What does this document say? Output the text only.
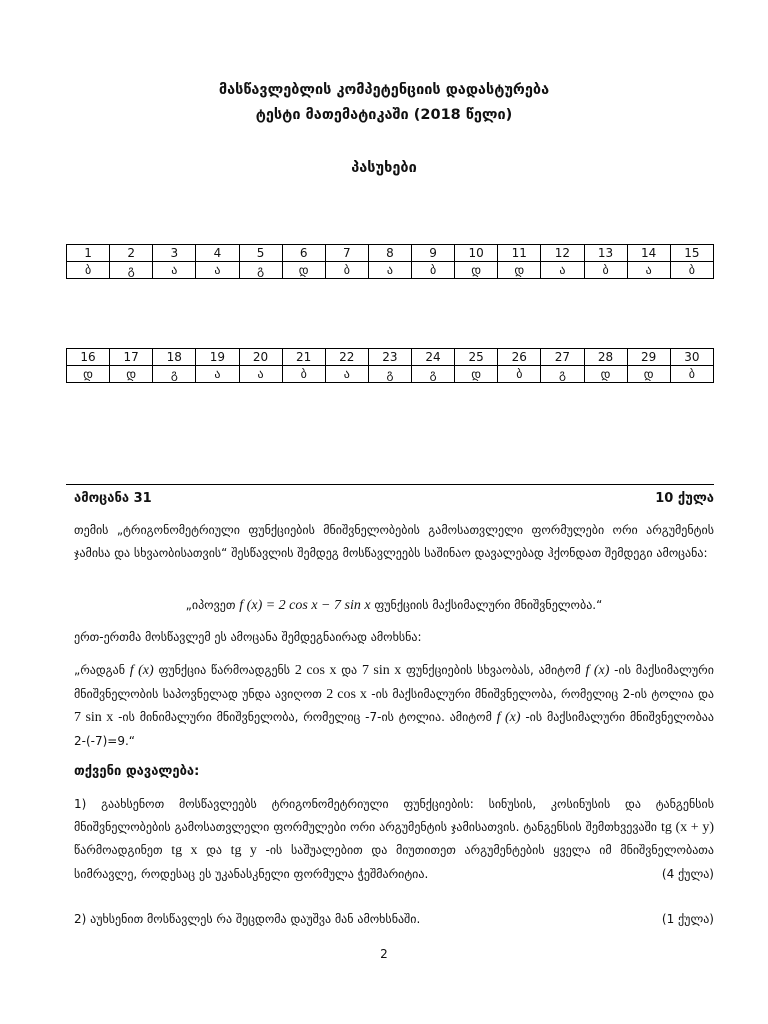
მასწავლებლის კომპეტენციის დადასტურება
ტესტი მათემატიკაში (2018 წელი)
პასუხები
1	2	3	4	5	6	7	8	9	10	11	12	13	14	15
ბ	გ	ა	ა	გ	დ	ბ	ა	ბ	დ	დ	ა	ბ	ა	ბ
16	17	18	19	20	21	22	23	24	25	26	27	28	29	30
დ	დ	გ	ა	ა	ბ	ა	გ	გ	დ	ბ	გ	დ	დ	ბ
ამოცანა 31	10 ქულა
თემის „ტრიგონომეტრიული ფუნქციების მნიშვნელობების გამოსათვლელი ფორმულები ორი არგუმენტის ჯამისა და სხვაობისათვის“ შესწავლის შემდეგ მოსწავლეებს საშინაო დავალებად ჰქონდათ შემდეგი ამოცანა:
„იპოვეთ f (x) = 2 cos x − 7 sin x ფუნქციის მაქსიმალური მნიშვნელობა.“
ერთ-ერთმა მოსწავლემ ეს ამოცანა შემდეგნაირად ამოხსნა:
„რადგან f (x) ფუნქცია წარმოადგენს 2 cos x და 7 sin x ფუნქციების სხვაობას, ამიტომ f (x) -ის მაქსიმალური მნიშვნელობის საპოვნელად უნდა ავიღოთ 2 cos x -ის მაქსიმალური მნიშვნელობა, რომელიც 2-ის ტოლია და 7 sin x -ის მინიმალური მნიშვნელობა, რომელიც -7-ის ტოლია. ამიტომ f (x) -ის მაქსიმალური მნიშვნელობაა 2-(-7)=9.“
თქვენი დავალება:
1) გაახსენოთ მოსწავლეებს ტრიგონომეტრიული ფუნქციების: სინუსის, კოსინუსის და ტანგენსის მნიშვნელობების გამოსათვლელი ფორმულები ორი არგუმენტის ჯამისათვის. ტანგენსის შემთხვევაში tg (x + y) წარმოადგინეთ tg x და tg y -ის საშუალებით და მიუთითეთ არგუმენტების ყველა იმ მნიშვნელობათა სიმრავლე, როდესაც ეს უკანასკნელი ფორმულა ჭეშმარიტია.	(4 ქულა)
2) აუხსენით მოსწავლეს რა შეცდომა დაუშვა მან ამოხსნაში.	(1 ქულა)
2
